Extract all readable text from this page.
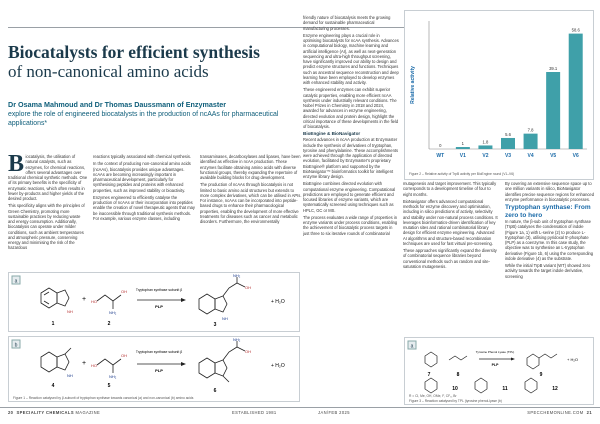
Biocatalysts for efficient synthesis
of non-canonical amino acids
Dr Osama Mahmoud and Dr Thomas Daussmann of Enzymaster
explore the role of engineered biocatalysts in the production of ncAAs for pharmaceutical applications*

Biocatalysis, the utilisation of natural catalysts, such as enzymes, for chemical reactions, offers several advantages over traditional chemical synthetic methods. One of its primary benefits is the specificity of enzymatic reactions, which often results in fewer by-products and higher yields of the desired product.

This specificity aligns with the principles of Green Chemistry, promoting more sustainable practices by reducing waste and energy consumption. Additionally, biocatalysis can operate under milder conditions, such as ambient temperatures and atmospheric pressure, conserving energy and minimising the risk of the hazardous

reactions typically associated with chemical synthesis.

In the context of producing non-canonical amino acids (ncAAs), biocatalysis provides unique advantages. ncAAs are becoming increasingly important in pharmaceutical development, particularly for synthesising peptides and proteins with enhanced properties, such as improved stability or bioactivity.

Enzymes engineered to efficiently catalyse the production of ncAAs or their incorporation into peptides enable the creation of novel therapeutic agents that may be inaccessible through traditional synthesis methods. For example, various enzyme classes, including

transaminases, decarboxylases and lipases, have been identified as effective in ncAA production. These enzymes facilitate obtaining amino acids with diverse functional groups, thereby expanding the repertoire of available building blocks for drug development.

The production of ncAAs through biocatalysis is not limited to basic amino acid structures but extends to more complex derivatives, which can be utilised in APIs. For instance, ncAAs can be incorporated into peptide-based drugs to enhance their pharmacological properties, enabling the development of more effective treatments for diseases such as cancer and metabolic disorders. Furthermore, the environmentally

friendly nature of biocatalysis meets the growing demand for sustainable pharmaceutical manufacturing processes.

Enzyme engineering plays a crucial role in optimising biocatalysts for ncAA synthesis. Advances in computational biology, machine learning and artificial intelligence (AI), as well as next-generation sequencing and ultra-high throughput screening, have significantly improved our ability to design and predict enzyme structures and functions. Techniques such as ancestral sequence reconstruction and deep learning have been employed to develop enzymes with enhanced stability and activity.

These engineered enzymes can exhibit superior catalytic properties, enabling more efficient ncAA synthesis under industrially relevant conditions. The Nobel Prizes in Chemistry in 2018 and 2024, awarded for advances in enzyme engineering, directed evolution and protein design, highlight the critical importance of these developments in the field of biocatalysis.

BioEngine & BioNavigator

Recent advances in ncAA production at Enzymaster include the synthesis of derivatives of tryptophan, tyrosine and phenylalanine. These accomplishments were achieved through the application of directed evolution, facilitated by Enzymaster's proprietary BioEngine® platform and supported by the BioNavigator™ bioinformatics toolkit for intelligent enzyme library design.

BioEngine combines directed evolution with computational enzyme engineering. Computational predictions are employed to generate efficient and focused libraries of enzyme variants, which are systematically screened using techniques such as HPLC, GC or MS.

The process evaluates a wide range of properties in enzyme variants under process conditions, enabling the achievement of biocatalytic process targets in just three to six iterative rounds of combinatorial

mutagenesis and target improvement. This typically corresponds to a development timeline of four to eight months.

BioNavigator offers advanced computational methods for enzyme discovery and optimisation, including in silico predictions of activity, selectivity and stability under non-natural process conditions. It leverages bioinformatics-driven identification of key mutation sites and rational combinatorial library design for efficient enzyme engineering. Advanced AI algorithms and structure-based recombination techniques are used for fast virtual pre-screening.

These approaches significantly expand the diversity of combinatorial sequence libraries beyond conventional methods such as random and site-saturation mutagenesis.

By covering an extensive sequence space up to one million variants in silico, BioNavigator identifies precise sequence regions for enhanced enzyme performance in biocatalytic processes.

Tryptophan synthase: From zero to hero

In nature, the β-sub unit of tryptophan synthase (TrpB) catalyses the condensation of indole (Figure 1a, 1) with L-serine (2) to produce L-tryptophan (3), utilising pyridoxal 5′-phosphate (PLP) as a coenzyme. In this case study, the objective was to synthesise an L-tryptophan derivative (Figure 1b, 6) using the corresponding indole derivative (4) as the substrate.

While the initial TrpB variant (WT) showed zero activity towards the target indole derivative, screening

Relative activity
0
WT
1
V1
1.8
V2
5.6
V3
7.8
V4
39.1
V5
58.6
V6
Figure 2 – Relative activity of TrpB activity per BioEngine round (V1–V6)
a
NH
1
+ HO
OH
NH₂
2
Tryptophan synthase subunit β
PLP
OH
NH₂
NH
3
+ H₂O
b
NH
4
+ HO
OH
NH₂
5
Tryptophan synthase subunit β
PLP
OH
NH₂
6
+ H₂O
Figure 1 – Reaction catalysed by β-subunit of tryptophan synthase towards canonical (a) and non-canonical (b) amino acids
a
7	8
Tyrosine Phenol Lyase (TPL)
PLP
9
+ H₂O
10	11	12
R = Cl, Me, OH, OMe, F, CF₃, Br
Figure 3 – Reaction catalysed by TPL (tyrosine phenol-lyase (b)
20 SPECIALITY CHEMICALS MAGAZINE	ESTABLISHED 1981	JAN/FEB 2025	SPECCHEMONLINE.COM 21
